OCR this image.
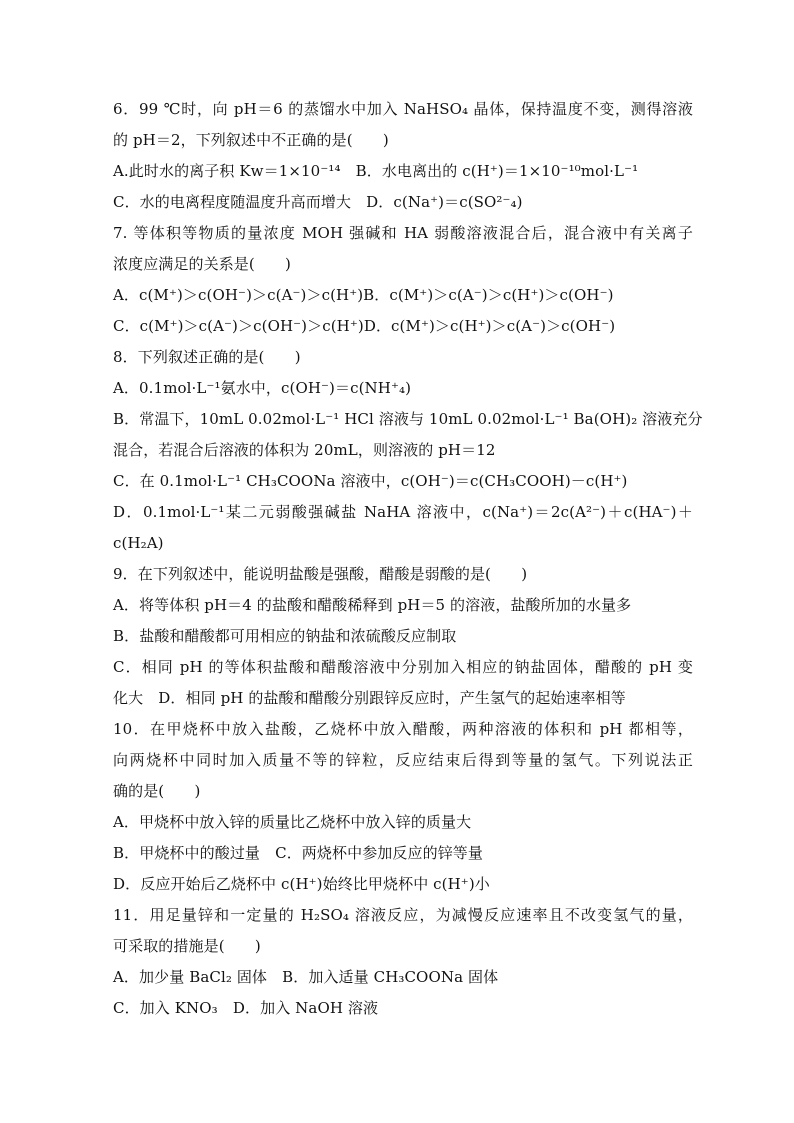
6．99 ℃时，向 pH＝6 的蒸馏水中加入 NaHSO₄ 晶体，保持温度不变，测得溶液
的 pH＝2，下列叙述中不正确的是(　　)
A.此时水的离子积 Kw＝1×10⁻¹⁴　B．水电离出的 c(H⁺)＝1×10⁻¹⁰mol·L⁻¹
C．水的电离程度随温度升高而增大　D．c(Na⁺)＝c(SO²⁻₄)
7. 等体积等物质的量浓度 MOH 强碱和 HA 弱酸溶液混合后，混合液中有关离子
浓度应满足的关系是(　　)
A．c(M⁺)＞c(OH⁻)＞c(A⁻)＞c(H⁺)B．c(M⁺)＞c(A⁻)＞c(H⁺)＞c(OH⁻)
C．c(M⁺)＞c(A⁻)＞c(OH⁻)＞c(H⁺)D．c(M⁺)＞c(H⁺)＞c(A⁻)＞c(OH⁻)
8．下列叙述正确的是(　　)
A．0.1mol·L⁻¹氨水中，c(OH⁻)＝c(NH⁺₄)
B．常温下，10mL 0.02mol·L⁻¹ HCl 溶液与 10mL 0.02mol·L⁻¹ Ba(OH)₂ 溶液充分
混合，若混合后溶液的体积为 20mL，则溶液的 pH＝12
C．在 0.1mol·L⁻¹ CH₃COONa 溶液中，c(OH⁻)＝c(CH₃COOH)－c(H⁺)
D．0.1mol·L⁻¹某二元弱酸强碱盐 NaHA 溶液中，c(Na⁺)＝2c(A²⁻)＋c(HA⁻)＋
c(H₂A)
9．在下列叙述中，能说明盐酸是强酸，醋酸是弱酸的是(　　)
A．将等体积 pH＝4 的盐酸和醋酸稀释到 pH＝5 的溶液，盐酸所加的水量多
B．盐酸和醋酸都可用相应的钠盐和浓硫酸反应制取
C．相同 pH 的等体积盐酸和醋酸溶液中分别加入相应的钠盐固体，醋酸的 pH 变
化大　D．相同 pH 的盐酸和醋酸分别跟锌反应时，产生氢气的起始速率相等
10．在甲烧杯中放入盐酸，乙烧杯中放入醋酸，两种溶液的体积和 pH 都相等，
向两烧杯中同时加入质量不等的锌粒，反应结束后得到等量的氢气。下列说法正
确的是(　　)
A．甲烧杯中放入锌的质量比乙烧杯中放入锌的质量大
B．甲烧杯中的酸过量　C．两烧杯中参加反应的锌等量
D．反应开始后乙烧杯中 c(H⁺)始终比甲烧杯中 c(H⁺)小
11．用足量锌和一定量的 H₂SO₄ 溶液反应，为减慢反应速率且不改变氢气的量，
可采取的措施是(　　)
A．加少量 BaCl₂ 固体　B．加入适量 CH₃COONa 固体
C．加入 KNO₃　D．加入 NaOH 溶液
